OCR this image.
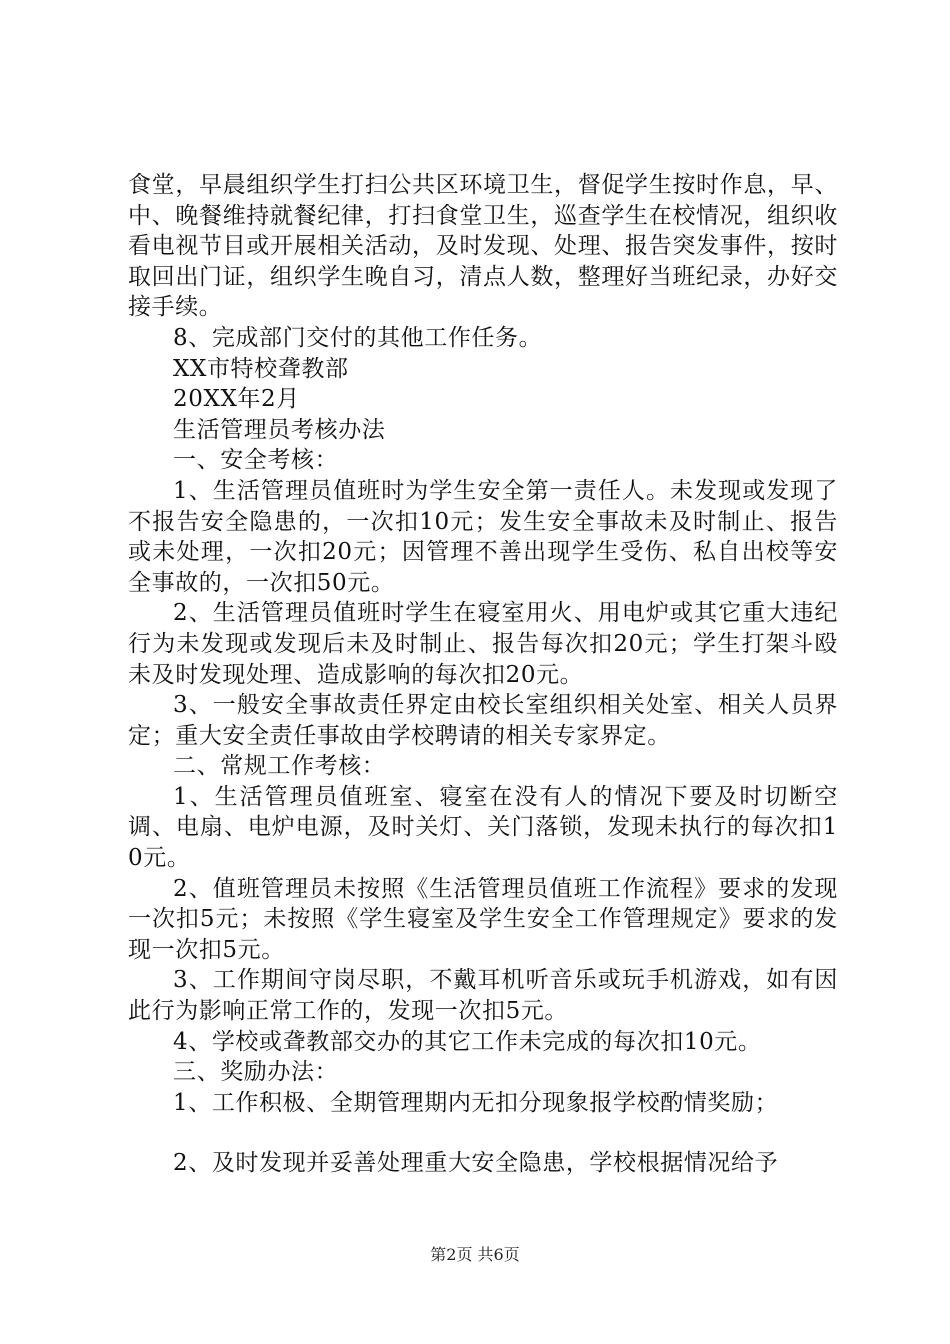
食堂，早晨组织学生打扫公共区环境卫生，督促学生按时作息，早、中、晚餐维持就餐纪律，打扫食堂卫生，巡查学生在校情况，组织收看电视节目或开展相关活动，及时发现、处理、报告突发事件，按时取回出门证，组织学生晚自习，清点人数，整理好当班纪录，办好交接手续。

8、完成部门交付的其他工作任务。

XX市特校聋教部

20XX年2月

生活管理员考核办法

一、安全考核：

1、生活管理员值班时为学生安全第一责任人。未发现或发现了不报告安全隐患的，一次扣10元；发生安全事故未及时制止、报告或未处理，一次扣20元；因管理不善出现学生受伤、私自出校等安全事故的，一次扣50元。

2、生活管理员值班时学生在寝室用火、用电炉或其它重大违纪行为未发现或发现后未及时制止、报告每次扣20元；学生打架斗殴未及时发现处理、造成影响的每次扣20元。

3、一般安全事故责任界定由校长室组织相关处室、相关人员界定；重大安全责任事故由学校聘请的相关专家界定。

二、常规工作考核：

1、生活管理员值班室、寝室在没有人的情况下要及时切断空调、电扇、电炉电源，及时关灯、关门落锁，发现未执行的每次扣10元。

2、值班管理员未按照《生活管理员值班工作流程》要求的发现一次扣5元；未按照《学生寝室及学生安全工作管理规定》要求的发现一次扣5元。

3、工作期间守岗尽职，不戴耳机听音乐或玩手机游戏，如有因此行为影响正常工作的，发现一次扣5元。

4、学校或聋教部交办的其它工作未完成的每次扣10元。

三、奖励办法：

1、工作积极、全期管理期内无扣分现象报学校酌情奖励；

2、及时发现并妥善处理重大安全隐患，学校根据情况给予

第2页 共6页
